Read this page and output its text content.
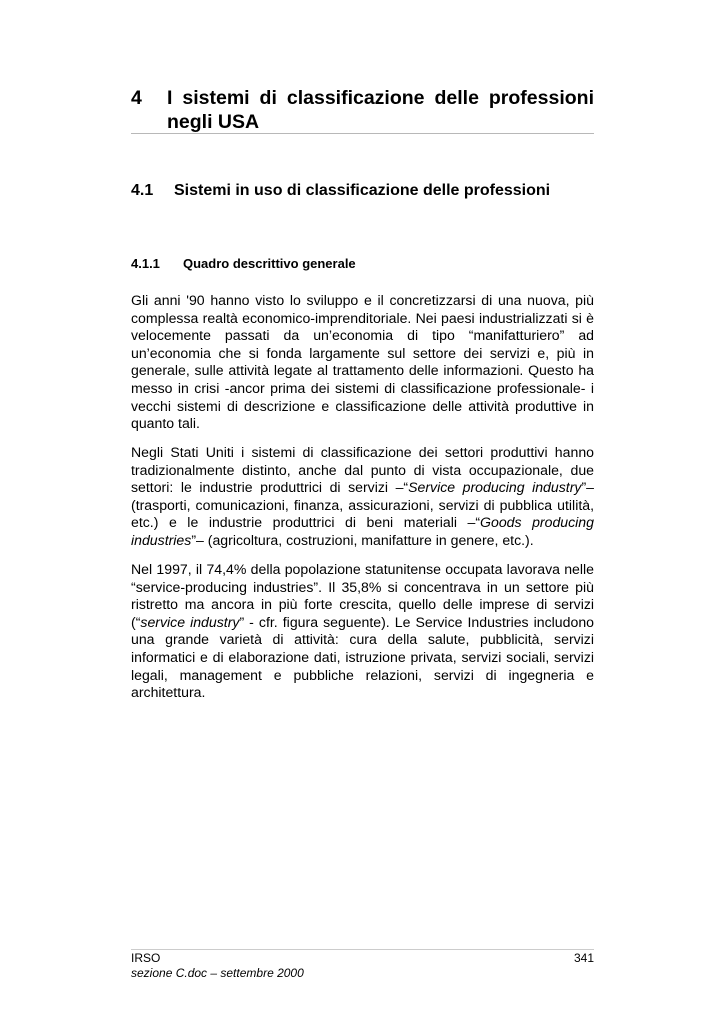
4	I sistemi di classificazione delle professioni negli USA
4.1	Sistemi in uso di classificazione delle professioni
4.1.1	Quadro descrittivo generale

Gli anni '90 hanno visto lo sviluppo e il concretizzarsi di una nuova, più complessa realtà economico-imprenditoriale. Nei paesi industrializzati si è velocemente passati da un’economia di tipo “manifatturiero” ad un’economia che si fonda largamente sul settore dei servizi e, più in generale, sulle attività legate al trattamento delle informazioni. Questo ha messo in crisi -ancor prima dei sistemi di classificazione professionale- i vecchi sistemi di descrizione e classificazione delle attività produttive in quanto tali.

Negli Stati Uniti i sistemi di classificazione dei settori produttivi hanno tradizionalmente distinto, anche dal punto di vista occupazionale, due settori: le industrie produttrici di servizi –“Service producing industry”– (trasporti, comunicazioni, finanza, assicurazioni, servizi di pubblica utilità, etc.) e le industrie produttrici di beni materiali –“Goods producing industries”– (agricoltura, costruzioni, manifatture in genere, etc.).

Nel 1997, il 74,4% della popolazione statunitense occupata lavorava nelle “service-producing industries”. Il 35,8% si concentrava in un settore più ristretto ma ancora in più forte crescita, quello delle imprese di servizi (“service industry” - cfr. figura seguente). Le Service Industries includono una grande varietà di attività: cura della salute, pubblicità, servizi informatici e di elaborazione dati, istruzione privata, servizi sociali, servizi legali, management e pubbliche relazioni, servizi di ingegneria e architettura.

IRSO	341
sezione C.doc – settembre 2000
